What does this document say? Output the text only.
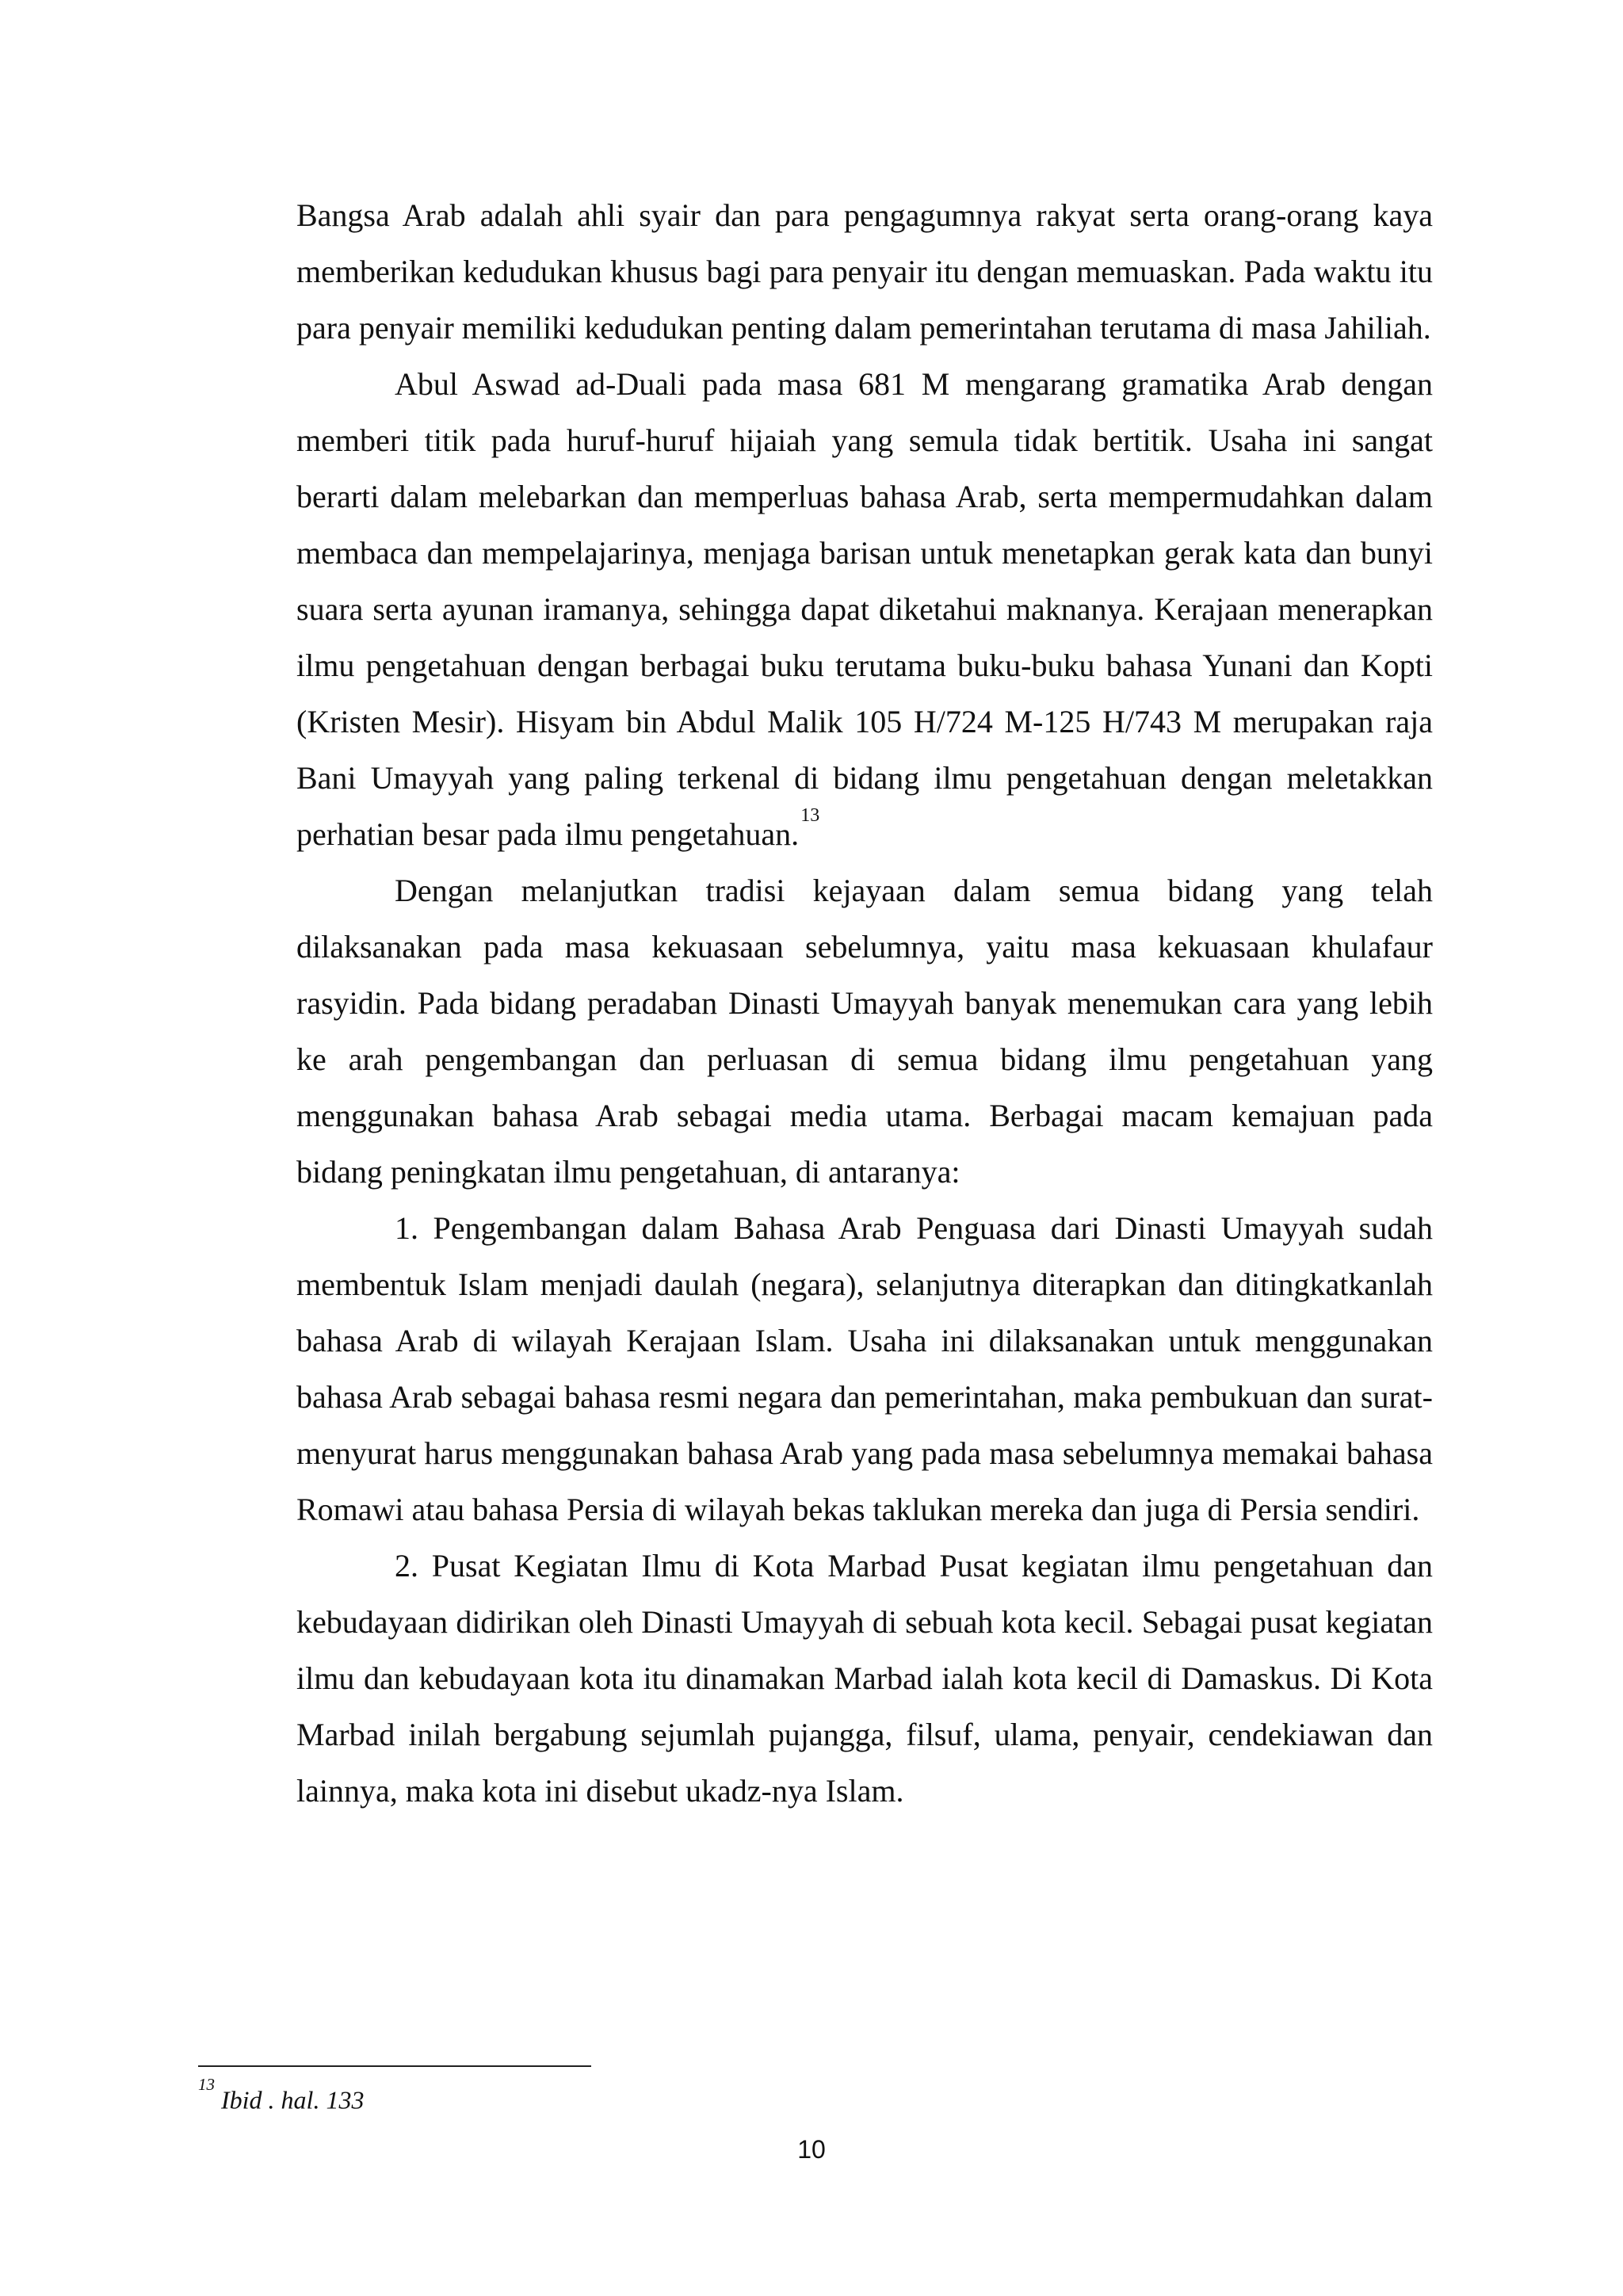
Bangsa Arab adalah ahli syair dan para pengagumnya rakyat serta orang-orang kaya memberikan kedudukan khusus bagi para penyair itu dengan memuaskan. Pada waktu itu para penyair memiliki kedudukan penting dalam pemerintahan terutama di masa Jahiliah.

Abul Aswad ad-Duali pada masa 681 M mengarang gramatika Arab dengan memberi titik pada huruf-huruf hijaiah yang semula tidak bertitik. Usaha ini sangat berarti dalam melebarkan dan memperluas bahasa Arab, serta mempermudahkan dalam membaca dan mempelajarinya, menjaga barisan untuk menetapkan gerak kata dan bunyi suara serta ayunan iramanya, sehingga dapat diketahui maknanya. Kerajaan menerapkan ilmu pengetahuan dengan berbagai buku terutama buku-buku bahasa Yunani dan Kopti (Kristen Mesir). Hisyam bin Abdul Malik 105 H/724 M-125 H/743 M merupakan raja Bani Umayyah yang paling terkenal di bidang ilmu pengetahuan dengan meletakkan perhatian besar pada ilmu pengetahuan.$^{13}$

Dengan melanjutkan tradisi kejayaan dalam semua bidang yang telah dilaksanakan pada masa kekuasaan sebelumnya, yaitu masa kekuasaan khulafaur rasyidin. Pada bidang peradaban Dinasti Umayyah banyak menemukan cara yang lebih ke arah pengembangan dan perluasan di semua bidang ilmu pengetahuan yang menggunakan bahasa Arab sebagai media utama. Berbagai macam kemajuan pada bidang peningkatan ilmu pengetahuan, di antaranya:

1. Pengembangan dalam Bahasa Arab Penguasa dari Dinasti Umayyah sudah membentuk Islam menjadi daulah (negara), selanjutnya diterapkan dan ditingkatkanlah bahasa Arab di wilayah Kerajaan Islam. Usaha ini dilaksanakan untuk menggunakan bahasa Arab sebagai bahasa resmi negara dan pemerintahan, maka pembukuan dan surat-menyurat harus menggunakan bahasa Arab yang pada masa sebelumnya memakai bahasa Romawi atau bahasa Persia di wilayah bekas taklukan mereka dan juga di Persia sendiri.

2. Pusat Kegiatan Ilmu di Kota Marbad Pusat kegiatan ilmu pengetahuan dan kebudayaan didirikan oleh Dinasti Umayyah di sebuah kota kecil. Sebagai pusat kegiatan ilmu dan kebudayaan kota itu dinamakan Marbad ialah kota kecil di Damaskus. Di Kota Marbad inilah bergabung sejumlah pujangga, filsuf, ulama, penyair, cendekiawan dan lainnya, maka kota ini disebut ukadz-nya Islam.

$^{13}$Ibid . hal. 133
10
